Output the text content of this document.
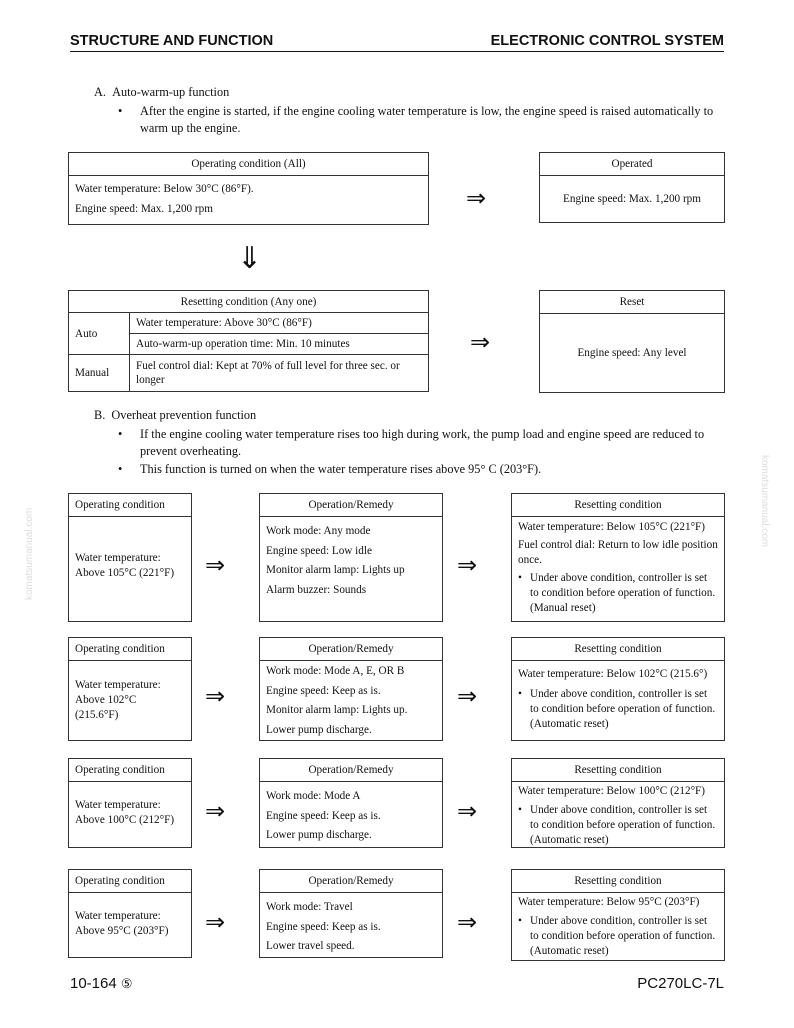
STRUCTURE AND FUNCTION	ELECTRONIC CONTROL SYSTEM
komatsumanual.com
komatsumanual.com
A.  Auto-warm-up function
• After the engine is started, if the engine cooling water temperature is low, the engine speed is raised automatically to warm up the engine.
Operating condition (All)
Water temperature: Below 30°C (86°F).
Engine speed: Max. 1,200 rpm	⇒
Operated
Engine speed: Max. 1,200 rpm
⇓
Resetting condition (Any one)	
Auto	Water temperature: Above 30°C (86°F)
	Auto-warm-up operation time: Min. 10 minutes
Manual	Fuel control dial: Kept at 70% of full level for three sec. or longer
⇒
Reset
Engine speed: Any level
B.  Overheat prevention function
• If the engine cooling water temperature rises too high during work, the pump load and engine speed are reduced to prevent overheating.
• This function is turned on when the water temperature rises above 95° C (203°F).
Operating condition
Water temperature:
Above 105°C (221°F)	⇒
Operation/Remedy
Work mode: Any mode
Engine speed: Low idle
Monitor alarm lamp: Lights up
Alarm buzzer: Sounds
⇒
Resetting condition
Water temperature: Below 105°C (221°F)
Fuel control dial: Return to low idle position once.
• Under above condition, controller is set to condition before operation of function. (Manual reset)
Operating condition
Water temperature:
Above 102°C
(215.6°F)
⇒
Operation/Remedy
Work mode: Mode A, E, OR B
Engine speed: Keep as is.
Monitor alarm lamp: Lights up.
Lower pump discharge.
⇒
Resetting condition
Water temperature: Below 102°C (215.6°)
• Under above condition, controller is set to condition before operation of function. (Automatic reset)
Operating condition
Water temperature:
Above 100°C (212°F)	⇒
Operation/Remedy
Work mode: Mode A
Engine speed: Keep as is.
Lower pump discharge.
⇒
Resetting condition
Water temperature: Below 100°C (212°F)
• Under above condition, controller is set to condition before operation of function. (Automatic reset)
Operating condition
Water temperature:
Above 95°C (203°F)	⇒
Operation/Remedy
Work mode: Travel
Engine speed: Keep as is.
Lower travel speed.
⇒
Resetting condition
Water temperature: Below 95°C (203°F)
• Under above condition, controller is set to condition before operation of function. (Automatic reset)
10-164 ⑤	PC270LC-7L
